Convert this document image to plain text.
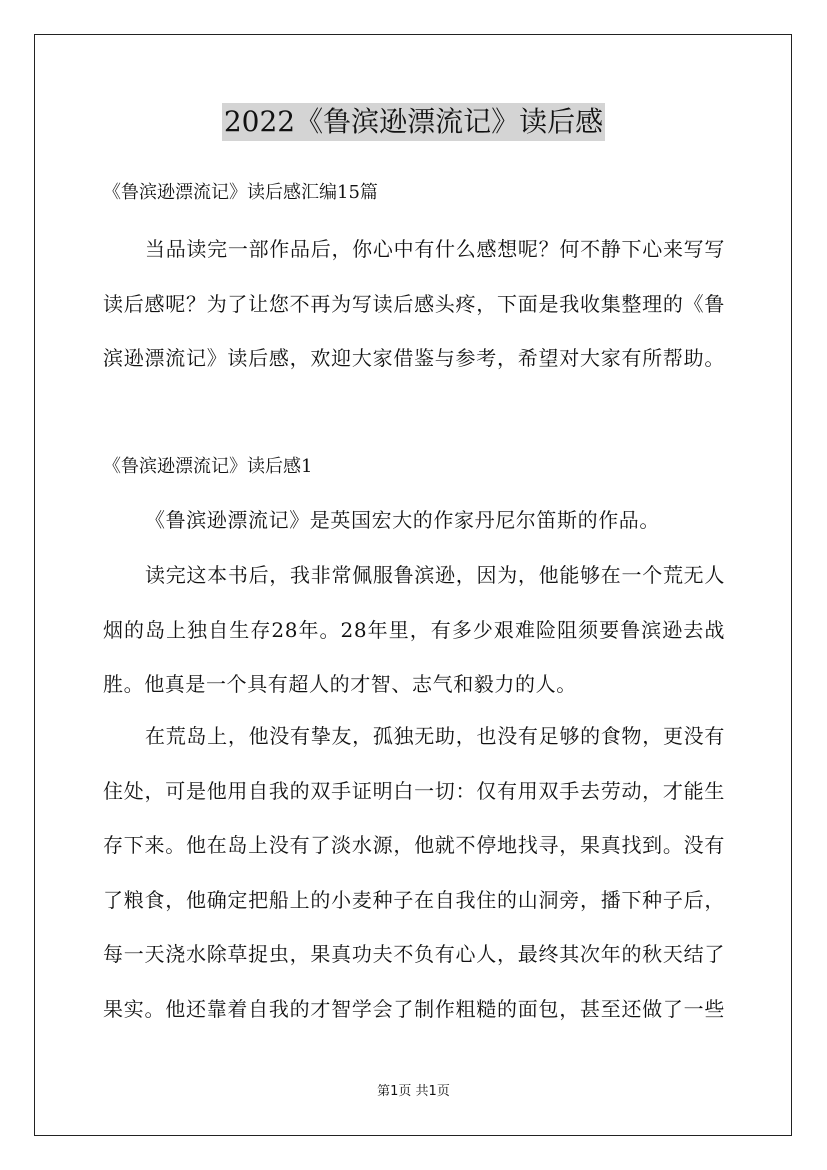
2022《鲁滨逊漂流记》读后感
《鲁滨逊漂流记》读后感汇编15篇
当品读完一部作品后，你心中有什么感想呢？何不静下心来写写
读后感呢？为了让您不再为写读后感头疼，下面是我收集整理的《鲁
滨逊漂流记》读后感，欢迎大家借鉴与参考，希望对大家有所帮助。
《鲁滨逊漂流记》读后感1
《鲁滨逊漂流记》是英国宏大的作家丹尼尔笛斯的作品。
读完这本书后，我非常佩服鲁滨逊，因为，他能够在一个荒无人
烟的岛上独自生存28年。28年里，有多少艰难险阻须要鲁滨逊去战
胜。他真是一个具有超人的才智、志气和毅力的人。
在荒岛上，他没有挚友，孤独无助，也没有足够的食物，更没有
住处，可是他用自我的双手证明白一切：仅有用双手去劳动，才能生
存下来。他在岛上没有了淡水源，他就不停地找寻，果真找到。没有
了粮食，他确定把船上的小麦种子在自我住的山洞旁，播下种子后，
每一天浇水除草捉虫，果真功夫不负有心人，最终其次年的秋天结了
果实。他还靠着自我的才智学会了制作粗糙的面包，甚至还做了一些
第1页 共1页
